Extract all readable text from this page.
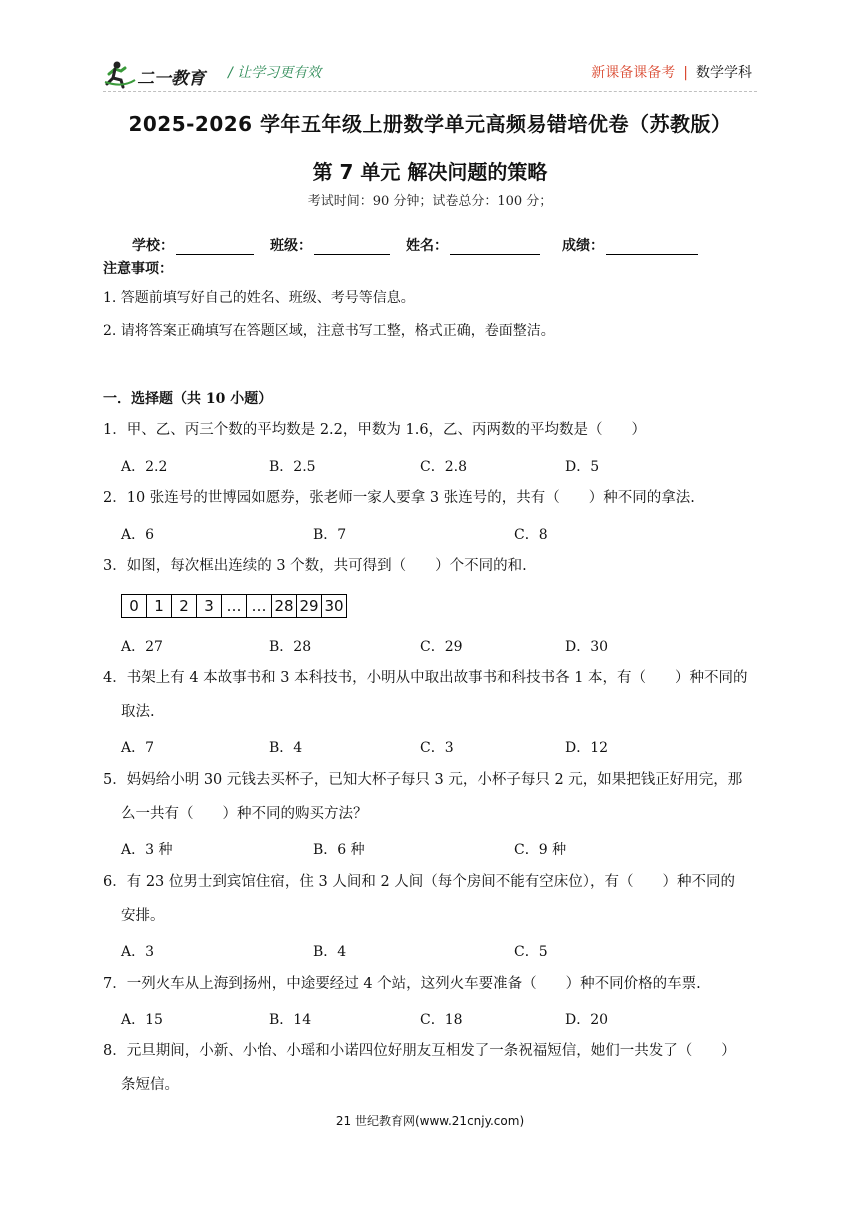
二一教育 / 让学习更有效	新课备课备考 | 数学学科
2025-2026 学年五年级上册数学单元高频易错培优卷（苏教版）
第 7 单元 解决问题的策略
考试时间：90 分钟；试卷总分：100 分；
学校：	班级：	姓名：	成绩：
注意事项：
1. 答题前填写好自己的姓名、班级、考号等信息。
2. 请将答案正确填写在答题区域，注意书写工整，格式正确，卷面整洁。
一．选择题（共 10 小题）
1．甲、乙、丙三个数的平均数是 2.2，甲数为 1.6，乙、丙两数的平均数是（　　）
A．2.2	B．2.5	C．2.8	D．5
2．10 张连号的世博园如愿券，张老师一家人要拿 3 张连号的，共有（　　）种不同的拿法.
A．6	B．7	C．8
3．如图，每次框出连续的 3 个数，共可得到（　　）个不同的和.
0	1	2	3 … … 28 29 30
A．27	B．28	C．29	D．30
4．书架上有 4 本故事书和 3 本科技书，小明从中取出故事书和科技书各 1 本，有（　　）种不同的
取法.
A．7	B．4	C．3	D．12
5．妈妈给小明 30 元钱去买杯子，已知大杯子每只 3 元，小杯子每只 2 元，如果把钱正好用完，那
么一共有（　　）种不同的购买方法？
A．3 种	B．6 种	C．9 种
6．有 23 位男士到宾馆住宿，住 3 人间和 2 人间（每个房间不能有空床位），有（　　）种不同的
安排。
A．3	B．4	C．5
7．一列火车从上海到扬州，中途要经过 4 个站，这列火车要准备（　　）种不同价格的车票.
A．15	B．14	C．18	D．20
8．元旦期间，小新、小怡、小瑶和小诺四位好朋友互相发了一条祝福短信，她们一共发了（　　）
条短信。
21 世纪教育网(www.21cnjy.com)
